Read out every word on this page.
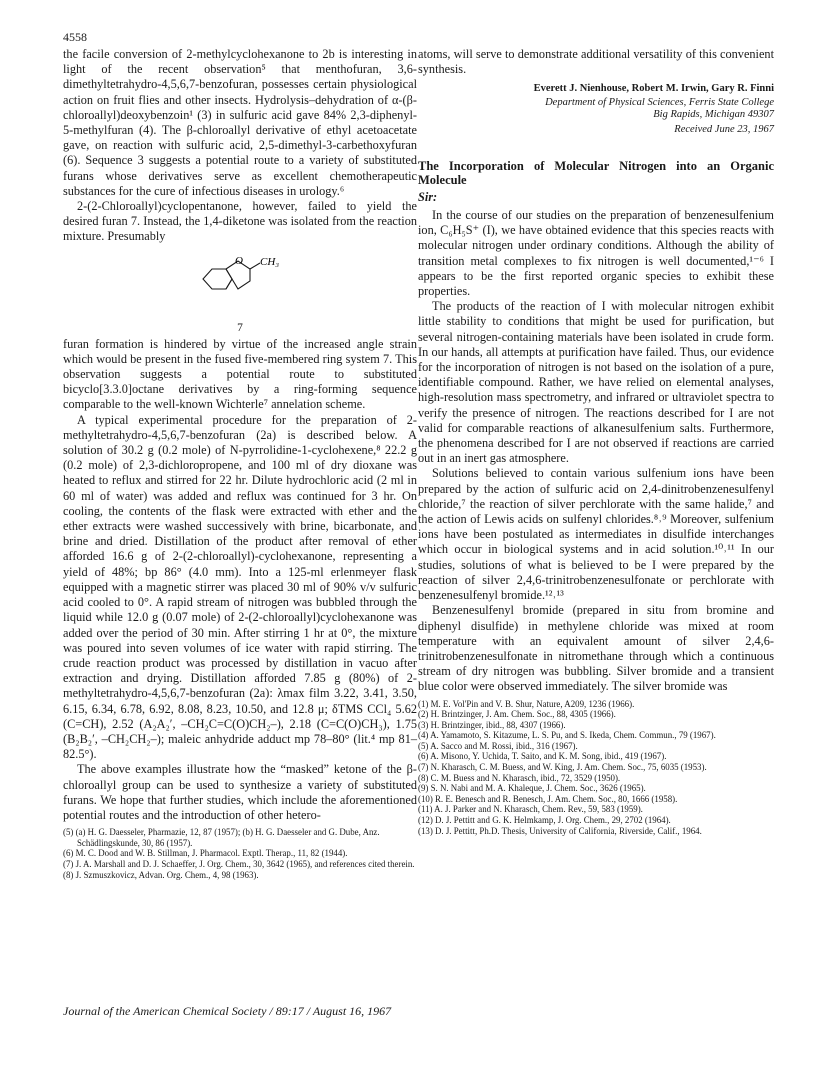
4558

the facile conversion of 2-methylcyclohexanone to 2b is interesting in light of the recent observation⁵ that menthofuran, 3,6-dimethyltetrahydro-4,5,6,7-benzofuran, possesses certain physiological action on fruit flies and other insects. Hydrolysis–dehydration of α-(β-chloroallyl)deoxybenzoin¹ (3) in sulfuric acid gave 84% 2,3-diphenyl-5-methylfuran (4). The β-chloroallyl derivative of ethyl acetoacetate gave, on reaction with sulfuric acid, 2,5-dimethyl-3-carbethoxyfuran (6). Sequence 3 suggests a potential route to a variety of substituted furans whose derivatives serve as excellent chemotherapeutic substances for the cure of infectious diseases in urology.⁶

2-(2-Chloroallyl)cyclopentanone, however, failed to yield the desired furan 7. Instead, the 1,4-diketone was isolated from the reaction mixture. Presumably

O CH₃
7

furan formation is hindered by virtue of the increased angle strain which would be present in the fused five-membered ring system 7. This observation suggests a potential route to substituted bicyclo[3.3.0]octane derivatives by a ring-forming sequence comparable to the well-known Wichterle⁷ annelation scheme.

A typical experimental procedure for the preparation of 2-methyltetrahydro-4,5,6,7-benzofuran (2a) is described below. A solution of 30.2 g (0.2 mole) of N-pyrrolidine-1-cyclohexene,⁸ 22.2 g (0.2 mole) of 2,3-dichloropropene, and 100 ml of dry dioxane was heated to reflux and stirred for 22 hr. Dilute hydrochloric acid (2 ml in 60 ml of water) was added and reflux was continued for 3 hr. On cooling, the contents of the flask were extracted with ether and the ether extracts were washed successively with brine, bicarbonate, and brine and dried. Distillation of the product after removal of ether afforded 16.6 g of 2-(2-chloroallyl)-cyclohexanone, representing a yield of 48%; bp 86° (4.0 mm). Into a 125-ml erlenmeyer flask equipped with a magnetic stirrer was placed 30 ml of 90% v/v sulfuric acid cooled to 0°. A rapid stream of nitrogen was bubbled through the liquid while 12.0 g (0.07 mole) of 2-(2-chloroallyl)cyclohexanone was added over the period of 30 min. After stirring 1 hr at 0°, the mixture was poured into seven volumes of ice water with rapid stirring. The crude reaction product was processed by distillation in vacuo after extraction and drying. Distillation afforded 7.85 g (80%) of 2-methyltetrahydro-4,5,6,7-benzofuran (2a): λmax film 3.22, 3.41, 3.50, 6.15, 6.34, 6.78, 6.92, 8.08, 8.23, 10.50, and 12.8 μ; δTMS CCl₄ 5.62 (C=CH), 2.52 (A₂A₂′, –CH₂C=C(O)CH₂–), 2.18 (C=C(O)CH₃), 1.75 (B₂B₂′, –CH₂CH₂–); maleic anhydride adduct mp 78–80° (lit.⁴ mp 81–82.5°).

The above examples illustrate how the “masked” ketone of the β-chloroallyl group can be used to synthesize a variety of substituted furans. We hope that further studies, which include the aforementioned potential routes and the introduction of other hetero-

(5) (a) H. G. Daesseler, Pharmazie, 12, 87 (1957); (b) H. G. Daesseler and G. Dube, Anz. Schädlingskunde, 30, 86 (1957).
(6) M. C. Dood and W. B. Stillman, J. Pharmacol. Exptl. Therap., 11, 82 (1944).
(7) J. A. Marshall and D. J. Schaeffer, J. Org. Chem., 30, 3642 (1965), and references cited therein.
(8) J. Szmuszkovicz, Advan. Org. Chem., 4, 98 (1963).

atoms, will serve to demonstrate additional versatility of this convenient synthesis.

Everett J. Nienhouse, Robert M. Irwin, Gary R. Finni
Department of Physical Sciences, Ferris State College
Big Rapids, Michigan 49307
Received June 23, 1967
The Incorporation of Molecular Nitrogen into an Organic Molecule
Sir:

In the course of our studies on the preparation of benzenesulfenium ion, C₆H₅S⁺ (I), we have obtained evidence that this species reacts with molecular nitrogen under ordinary conditions. Although the ability of transition metal complexes to fix nitrogen is well documented,¹⁻⁶ I appears to be the first reported organic species to exhibit these properties.

The products of the reaction of I with molecular nitrogen exhibit little stability to conditions that might be used for purification, but several nitrogen-containing materials have been isolated in crude form. In our hands, all attempts at purification have failed. Thus, our evidence for the incorporation of nitrogen is not based on the isolation of a pure, identifiable compound. Rather, we have relied on elemental analyses, high-resolution mass spectrometry, and infrared or ultraviolet spectra to verify the presence of nitrogen. The reactions described for I are not valid for comparable reactions of alkanesulfenium salts. Furthermore, the phenomena described for I are not observed if reactions are carried out in an inert gas atmosphere.

Solutions believed to contain various sulfenium ions have been prepared by the action of sulfuric acid on 2,4-dinitrobenzenesulfenyl chloride,⁷ the reaction of silver perchlorate with the same halide,⁷ and the action of Lewis acids on sulfenyl chlorides.⁸˒⁹ Moreover, sulfenium ions have been postulated as intermediates in disulfide interchanges which occur in biological systems and in acid solution.¹⁰˒¹¹ In our studies, solutions of what is believed to be I were prepared by the reaction of silver 2,4,6-trinitrobenzenesulfonate or perchlorate with benzenesulfenyl bromide.¹²˒¹³

Benzenesulfenyl bromide (prepared in situ from bromine and diphenyl disulfide) in methylene chloride was mixed at room temperature with an equivalent amount of silver 2,4,6-trinitrobenzenesulfonate in nitromethane through which a continuous stream of dry nitrogen was bubbling. Silver bromide and a transient blue color were observed immediately. The silver bromide was

(1) M. E. Vol'Pin and V. B. Shur, Nature, A209, 1236 (1966).
(2) H. Brintzinger, J. Am. Chem. Soc., 88, 4305 (1966).
(3) H. Brintzinger, ibid., 88, 4307 (1966).
(4) A. Yamamoto, S. Kitazume, L. S. Pu, and S. Ikeda, Chem. Commun., 79 (1967).
(5) A. Sacco and M. Rossi, ibid., 316 (1967).
(6) A. Misono, Y. Uchida, T. Saito, and K. M. Song, ibid., 419 (1967).
(7) N. Kharasch, C. M. Buess, and W. King, J. Am. Chem. Soc., 75, 6035 (1953).
(8) C. M. Buess and N. Kharasch, ibid., 72, 3529 (1950).
(9) S. N. Nabi and M. A. Khaleque, J. Chem. Soc., 3626 (1965).
(10) R. E. Benesch and R. Benesch, J. Am. Chem. Soc., 80, 1666 (1958).
(11) A. J. Parker and N. Kharasch, Chem. Rev., 59, 583 (1959).
(12) D. J. Pettitt and G. K. Helmkamp, J. Org. Chem., 29, 2702 (1964).
(13) D. J. Pettitt, Ph.D. Thesis, University of California, Riverside, Calif., 1964.
Journal of the American Chemical Society / 89:17 / August 16, 1967
